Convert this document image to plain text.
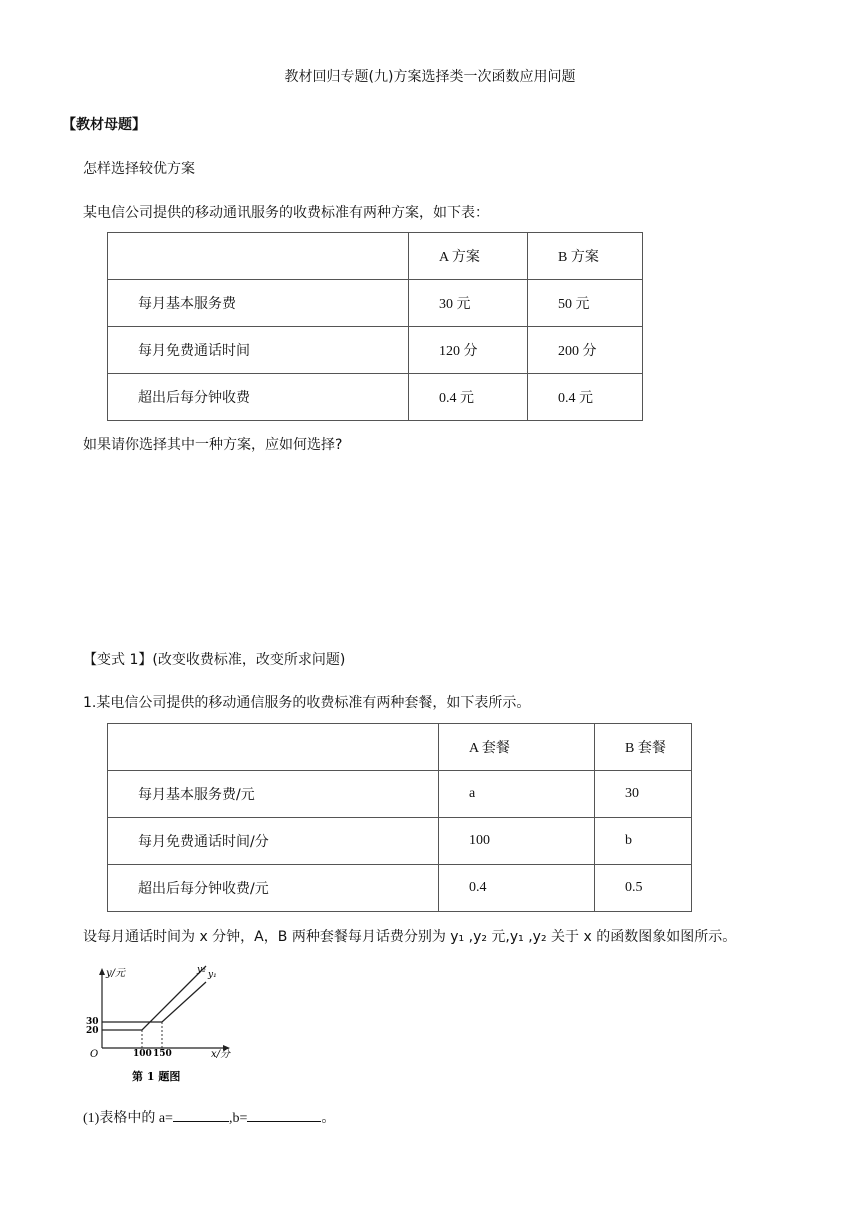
教材回归专题(九)方案选择类一次函数应用问题
【教材母题】
怎样选择较优方案
某电信公司提供的移动通讯服务的收费标准有两种方案，如下表：
	A 方案	B 方案
每月基本服务费	30 元	50 元
每月免费通话时间	120 分	200 分
超出后每分钟收费	0.4 元	0.4 元
如果请你选择其中一种方案，应如何选择?
【变式 1】(改变收费标准，改变所求问题)
1.某电信公司提供的移动通信服务的收费标准有两种套餐，如下表所示。
	A 套餐	B 套餐
每月基本服务费/元	a	30
每月免费通话时间/分	100	b
超出后每分钟收费/元	0.4	0.5
设每月通话时间为 x 分钟，A，B 两种套餐每月话费分别为 y₁ ,y₂ 元,y₁ ,y₂ 关于 x 的函数图象如图所示。
y/元
x/分
O
30
20
100 150
y₂ y₁
第 1 题图
(1)表格中的 a=	,b=	。
